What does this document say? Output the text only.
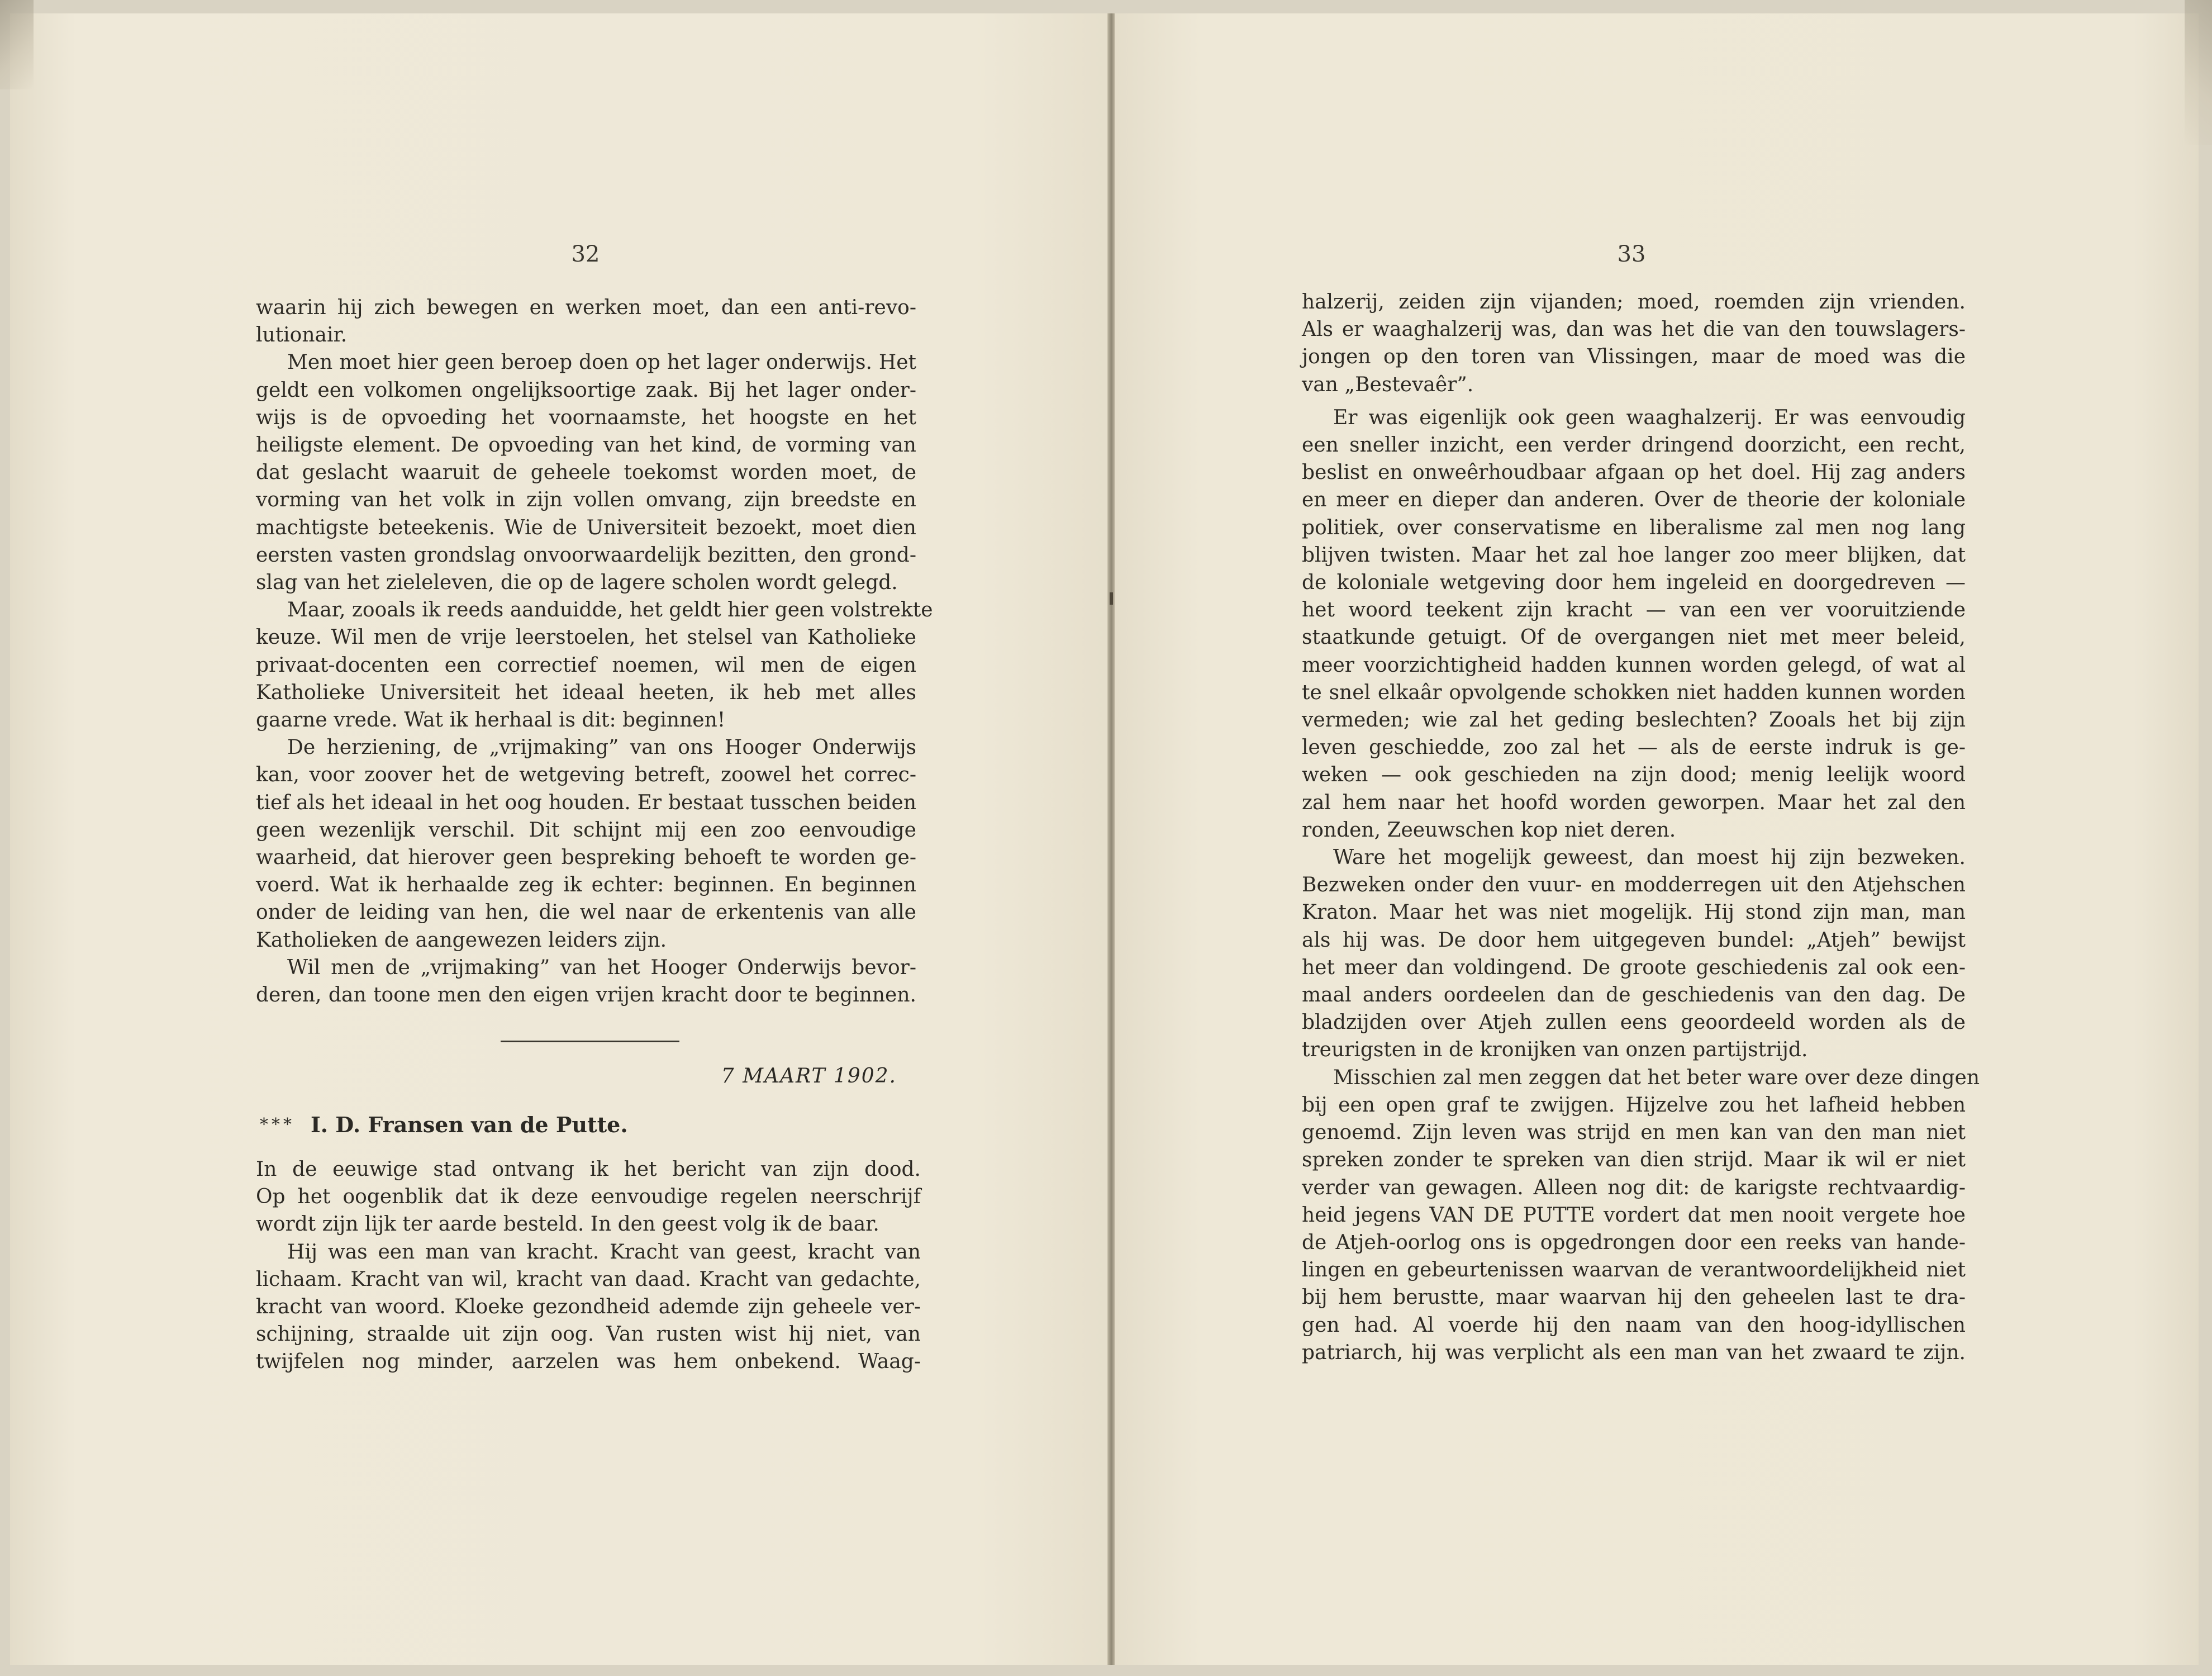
32	33
waarin hij zich bewegen en werken moet, dan een anti-revo-
lutionair.
Men moet hier geen beroep doen op het lager onderwijs. Het
geldt een volkomen ongelijksoortige zaak. Bij het lager onder-
wijs is de opvoeding het voornaamste, het hoogste en het
heiligste element. De opvoeding van het kind, de vorming van
dat geslacht waaruit de geheele toekomst worden moet, de
vorming van het volk in zijn vollen omvang, zijn breedste en
machtigste beteekenis. Wie de Universiteit bezoekt, moet dien
eersten vasten grondslag onvoorwaardelijk bezitten, den grond-
slag van het zieleleven, die op de lagere scholen wordt gelegd.
Maar, zooals ik reeds aanduidde, het geldt hier geen volstrekte
keuze. Wil men de vrije leerstoelen, het stelsel van Katholieke
privaat-docenten een correctief noemen, wil men de eigen
Katholieke Universiteit het ideaal heeten, ik heb met alles
gaarne vrede. Wat ik herhaal is dit: beginnen!
De herziening, de „vrijmaking” van ons Hooger Onderwijs
kan, voor zoover het de wetgeving betreft, zoowel het correc-
tief als het ideaal in het oog houden. Er bestaat tusschen beiden
geen wezenlijk verschil. Dit schijnt mij een zoo eenvoudige
waarheid, dat hierover geen bespreking behoeft te worden ge-
voerd. Wat ik herhaalde zeg ik echter: beginnen. En beginnen
onder de leiding van hen, die wel naar de erkentenis van alle
Katholieken de aangewezen leiders zijn.
Wil men de „vrijmaking” van het Hooger Onderwijs bevor-
deren, dan toone men den eigen vrijen kracht door te beginnen.
7 MAART 1902.
*** I. D. Fransen van de Putte.
In de eeuwige stad ontvang ik het bericht van zijn dood.
Op het oogenblik dat ik deze eenvoudige regelen neerschrijf
wordt zijn lijk ter aarde besteld. In den geest volg ik de baar.
Hij was een man van kracht. Kracht van geest, kracht van
lichaam. Kracht van wil, kracht van daad. Kracht van gedachte,
kracht van woord. Kloeke gezondheid ademde zijn geheele ver-
schijning, straalde uit zijn oog. Van rusten wist hij niet, van
twijfelen nog minder, aarzelen was hem onbekend. Waag-
halzerij, zeiden zijn vijanden; moed, roemden zijn vrienden.
Als er waaghalzerij was, dan was het die van den touwslagers-
jongen op den toren van Vlissingen, maar de moed was die
van „Bestevaêr”.
Er was eigenlijk ook geen waaghalzerij. Er was eenvoudig
een sneller inzicht, een verder dringend doorzicht, een recht,
beslist en onweêrhoudbaar afgaan op het doel. Hij zag anders
en meer en dieper dan anderen. Over de theorie der koloniale
politiek, over conservatisme en liberalisme zal men nog lang
blijven twisten. Maar het zal hoe langer zoo meer blijken, dat
de koloniale wetgeving door hem ingeleid en doorgedreven —
het woord teekent zijn kracht — van een ver vooruitziende
staatkunde getuigt. Of de overgangen niet met meer beleid,
meer voorzichtigheid hadden kunnen worden gelegd, of wat al
te snel elkaâr opvolgende schokken niet hadden kunnen worden
vermeden; wie zal het geding beslechten? Zooals het bij zijn
leven geschiedde, zoo zal het — als de eerste indruk is ge-
weken — ook geschieden na zijn dood; menig leelijk woord
zal hem naar het hoofd worden geworpen. Maar het zal den
ronden, Zeeuwschen kop niet deren.
Ware het mogelijk geweest, dan moest hij zijn bezweken.
Bezweken onder den vuur- en modderregen uit den Atjehschen
Kraton. Maar het was niet mogelijk. Hij stond zijn man, man
als hij was. De door hem uitgegeven bundel: „Atjeh” bewijst
het meer dan voldingend. De groote geschiedenis zal ook een-
maal anders oordeelen dan de geschiedenis van den dag. De
bladzijden over Atjeh zullen eens geoordeeld worden als de
treurigsten in de kronijken van onzen partijstrijd.
Misschien zal men zeggen dat het beter ware over deze dingen
bij een open graf te zwijgen. Hijzelve zou het lafheid hebben
genoemd. Zijn leven was strijd en men kan van den man niet
spreken zonder te spreken van dien strijd. Maar ik wil er niet
verder van gewagen. Alleen nog dit: de karigste rechtvaardig-
heid jegens VAN DE PUTTE vordert dat men nooit vergete hoe
de Atjeh-oorlog ons is opgedrongen door een reeks van hande-
lingen en gebeurtenissen waarvan de verantwoordelijkheid niet
bij hem berustte, maar waarvan hij den geheelen last te dra-
gen had. Al voerde hij den naam van den hoog-idyllischen
patriarch, hij was verplicht als een man van het zwaard te zijn.
